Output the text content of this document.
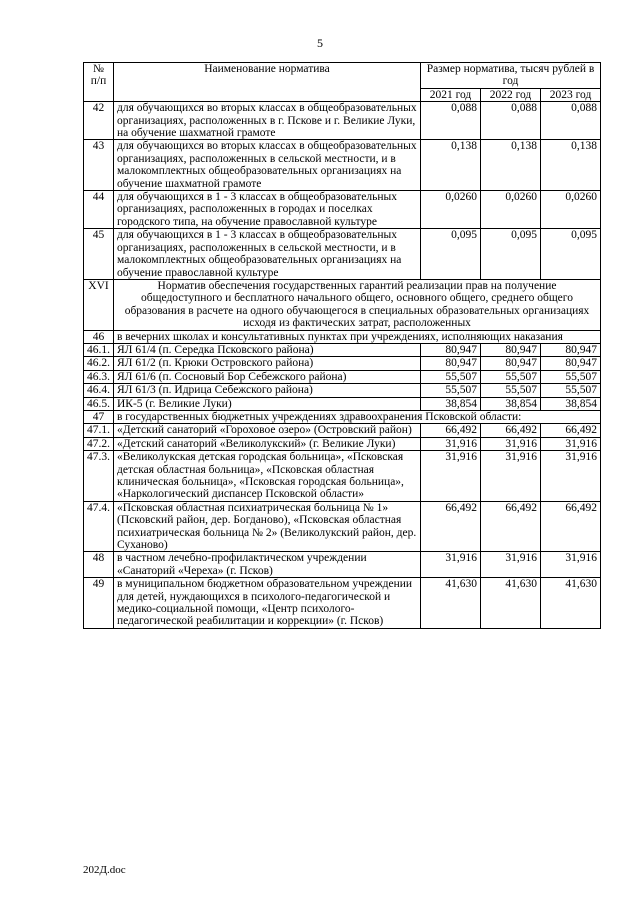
5
№ п/п	Наименование норматива	Размер норматива, тысяч рублей в год		
		2021 год	2022 год	2023 год
42	для обучающихся во вторых классах в общеобразовательных организациях, расположенных в г. Пскове и г. Великие Луки, на обучение шахматной грамоте	0,088	0,088	0,088
43	для обучающихся во вторых классах в общеобразовательных организациях, расположенных в сельской местности, и в малокомплектных общеобразовательных организациях на обучение шахматной грамоте	0,138	0,138	0,138
44	для обучающихся в 1 - 3 классах в общеобразовательных организациях, расположенных в городах и поселках городского типа, на обучение православной культуре	0,0260	0,0260	0,0260
45	для обучающихся в 1 - 3 классах в общеобразовательных организациях, расположенных в сельской местности, и в малокомплектных общеобразовательных организациях на обучение православной культуре	0,095	0,095	0,095
XVI	Норматив обеспечения государственных гарантий реализации прав на получение общедоступного и бесплатного начального общего, основного общего, среднего общего образования в расчете на одного обучающегося в специальных образовательных организациях исходя из фактических затрат, расположенных			
46	в вечерних школах и консультативных пунктах при учреждениях, исполняющих наказания			
46.1.	ЯЛ 61/4 (п. Середка Псковского района)	80,947	80,947	80,947
46.2.	ЯЛ 61/2 (п. Крюки Островского района)	80,947	80,947	80,947
46.3.	ЯЛ 61/6 (п. Сосновый Бор Себежского района)	55,507	55,507	55,507
46.4.	ЯЛ 61/3 (п. Идрица Себежского района)	55,507	55,507	55,507
46.5.	ИК-5 (г. Великие Луки)	38,854	38,854	38,854
47	в государственных бюджетных учреждениях здравоохранения Псковской области:			
47.1.	«Детский санаторий «Гороховое озеро» (Островский район)	66,492	66,492	66,492
47.2.	«Детский санаторий «Великолукский» (г. Великие Луки)	31,916	31,916	31,916
47.3.	«Великолукская детская городская больница», «Псковская детская областная больница», «Псковская областная клиническая больница», «Псковская городская больница», «Наркологический диспансер Псковской области»	31,916	31,916	31,916
47.4.	«Псковская областная психиатрическая больница № 1» (Псковский район, дер. Богданово), «Псковская областная психиатрическая больница № 2» (Великолукский район, дер. Суханово)	66,492	66,492	66,492
48	в частном лечебно-профилактическом учреждении «Санаторий «Череха» (г. Псков)	31,916	31,916	31,916
49	в муниципальном бюджетном образовательном учреждении для детей, нуждающихся в психолого-педагогической и медико-социальной помощи, «Центр психолого-педагогической реабилитации и коррекции» (г. Псков)	41,630	41,630	41,630
202Д.doc
